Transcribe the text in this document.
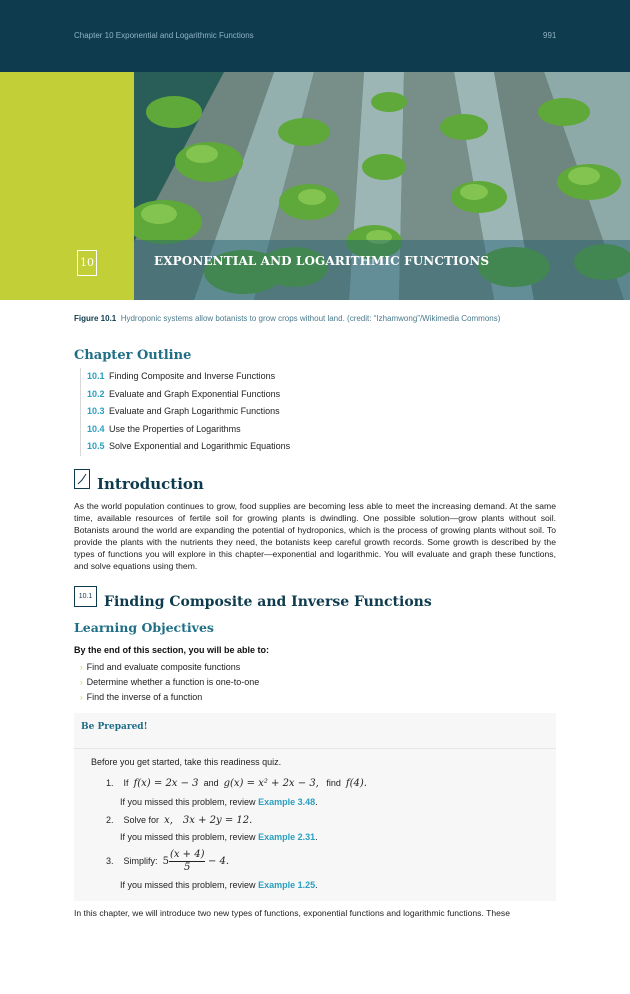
Chapter 10 Exponential and Logarithmic Functions	991
10	EXPONENTIAL AND LOGARITHMIC FUNCTIONS
Figure 10.1 Hydroponic systems allow botanists to grow crops without land. (credit: “Izhamwong”/Wikimedia Commons)
Chapter Outline
10.1 Finding Composite and Inverse Functions
10.2 Evaluate and Graph Exponential Functions
10.3 Evaluate and Graph Logarithmic Functions
10.4 Use the Properties of Logarithms
10.5 Solve Exponential and Logarithmic Equations
Introduction
As the world population continues to grow, food supplies are becoming less able to meet the increasing demand. At the same time, available resources of fertile soil for growing plants is dwindling. One possible solution—grow plants without soil. Botanists around the world are expanding the potential of hydroponics, which is the process of growing plants without soil. To provide the plants with the nutrients they need, the botanists keep careful growth records. Some growth is described by the types of functions you will explore in this chapter—exponential and logarithmic. You will evaluate and graph these functions, and solve equations using them.
10.1 Finding Composite and Inverse Functions
Learning Objectives
By the end of this section, you will be able to:
› Find and evaluate composite functions
› Determine whether a function is one-to-one
› Find the inverse of a function
Be Prepared!
Before you get started, take this readiness quiz.
1. If f(x) = 2x − 3 and g(x) = x² + 2x − 3, find f(4).
If you missed this problem, review Example 3.48.
2. Solve for x, 3x + 2y = 12.
If you missed this problem, review Example 2.31.
3. Simplify: $5 \frac{(x + 4)}{5} - 4$.
If you missed this problem, review Example 1.25.
In this chapter, we will introduce two new types of functions, exponential functions and logarithmic functions. These
